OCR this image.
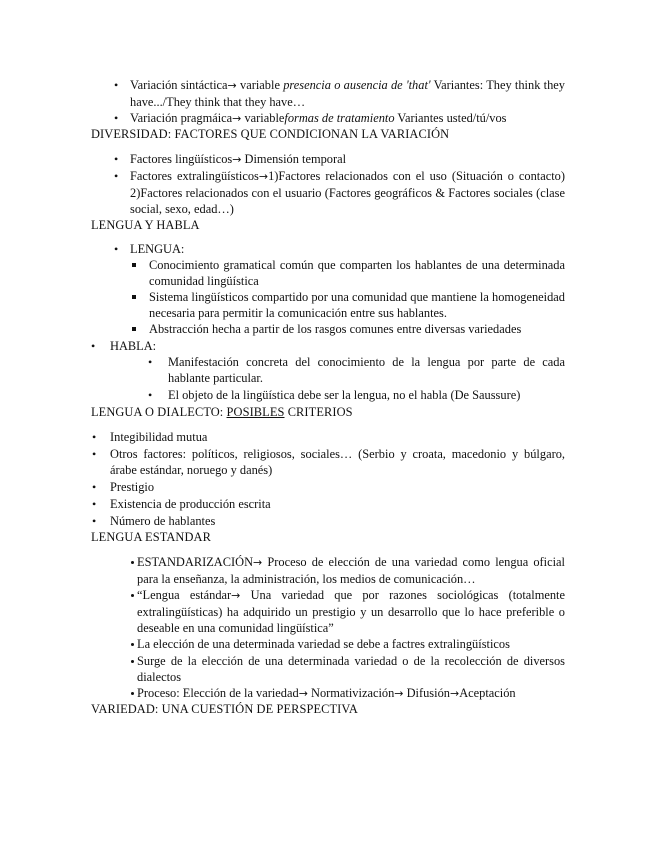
• Variación sintáctica→ variable presencia o ausencia de 'that' Variantes: They think they have.../They think that they have…
• Variación pragmáica→ variableformas de tratamiento Variantes usted/tú/vos
DIVERSIDAD: FACTORES QUE CONDICIONAN LA VARIACIÓN
• Factores lingüísticos→ Dimensión temporal
• Factores extralingüísticos→1)Factores relacionados con el uso (Situación o contacto) 2)Factores relacionados con el usuario (Factores geográficos & Factores sociales (clase social, sexo, edad…)
LENGUA Y HABLA
• LENGUA:
Conocimiento gramatical común que comparten los hablantes de una determinada comunidad lingüística
Sistema lingüísticos compartido por una comunidad que mantiene la homogeneidad necesaria para permitir la comunicación entre sus hablantes.
Abstracción hecha a partir de los rasgos comunes entre diversas variedades
• HABLA:
• Manifestación concreta del conocimiento de la lengua por parte de cada hablante particular.
• El objeto de la lingüística debe ser la lengua, no el habla (De Saussure)
LENGUA O DIALECTO: POSIBLES CRITERIOS
• Integibilidad mutua
• Otros factores: políticos, religiosos, sociales… (Serbio y croata, macedonio y búlgaro, árabe estándar, noruego y danés)
• Prestigio
• Existencia de producción escrita
• Número de hablantes
LENGUA ESTANDAR
ESTANDARIZACIÓN→ Proceso de elección de una variedad como lengua oficial para la enseñanza, la administración, los medios de comunicación…
“Lengua estándar→ Una variedad que por razones sociológicas (totalmente extralingüísticas) ha adquirido un prestigio y un desarrollo que lo hace preferible o deseable en una comunidad lingüística”
La elección de una determinada variedad se debe a factres extralingüísticos
Surge de la elección de una determinada variedad o de la recolección de diversos dialectos
Proceso: Elección de la variedad→ Normativización→ Difusión→Aceptación
VARIEDAD: UNA CUESTIÓN DE PERSPECTIVA
